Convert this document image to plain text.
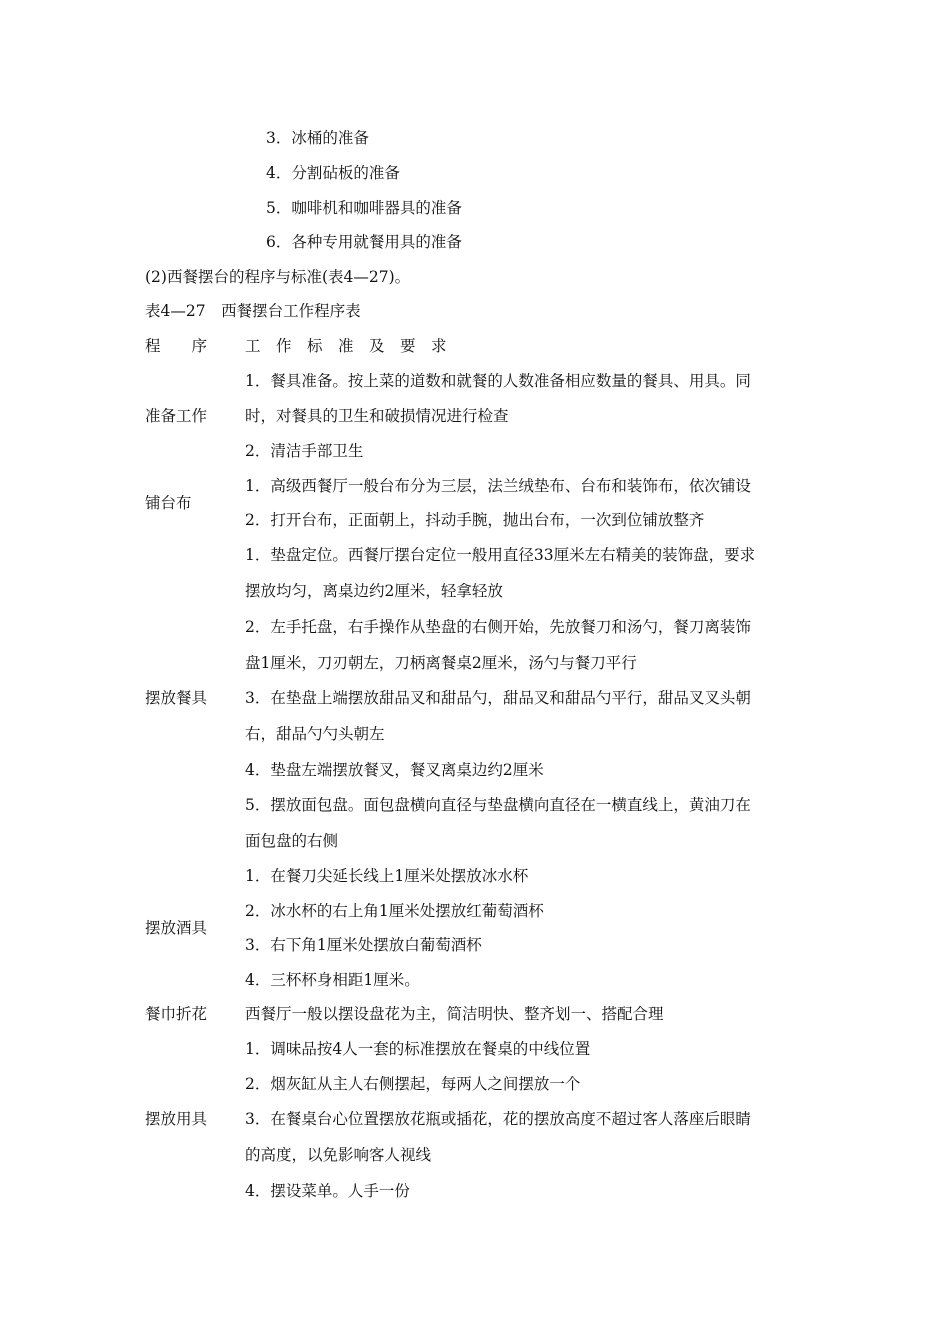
3．冰桶的准备
4．分割砧板的准备
5．咖啡机和咖啡器具的准备
6．各种专用就餐用具的准备
(2)西餐摆台的程序与标准(表4—27)。
表4—27　西餐摆台工作程序表
程　　序 工　作　标　准　及　要　求
准备工作
1．餐具准备。按上菜的道数和就餐的人数准备相应数量的餐具、用具。同
时，对餐具的卫生和破损情况进行检查
2．清洁手部卫生
铺台布
1．高级西餐厅一般台布分为三层，法兰绒垫布、台布和装饰布，依次铺设
2．打开台布，正面朝上，抖动手腕，抛出台布，一次到位铺放整齐
摆放餐具
1．垫盘定位。西餐厅摆台定位一般用直径33厘米左右精美的装饰盘，要求
摆放均匀，离桌边约2厘米，轻拿轻放
2．左手托盘，右手操作从垫盘的右侧开始，先放餐刀和汤勺，餐刀离装饰
盘1厘米，刀刃朝左，刀柄离餐桌2厘米，汤勺与餐刀平行
3．在垫盘上端摆放甜品叉和甜品勺，甜品叉和甜品勺平行，甜品叉叉头朝
右，甜品勺勺头朝左
4．垫盘左端摆放餐叉，餐叉离桌边约2厘米
5．摆放面包盘。面包盘横向直径与垫盘横向直径在一横直线上，黄油刀在
面包盘的右侧
摆放酒具
1．在餐刀尖延长线上1厘米处摆放冰水杯
2．冰水杯的右上角1厘米处摆放红葡萄酒杯
3．右下角1厘米处摆放白葡萄酒杯
4．三杯杯身相距1厘米。
餐巾折花 西餐厅一般以摆设盘花为主，简洁明快、整齐划一、搭配合理
摆放用具
1．调味品按4人一套的标准摆放在餐桌的中线位置
2．烟灰缸从主人右侧摆起，每两人之间摆放一个
3．在餐桌台心位置摆放花瓶或插花，花的摆放高度不超过客人落座后眼睛
的高度，以免影响客人视线
4．摆设菜单。人手一份
